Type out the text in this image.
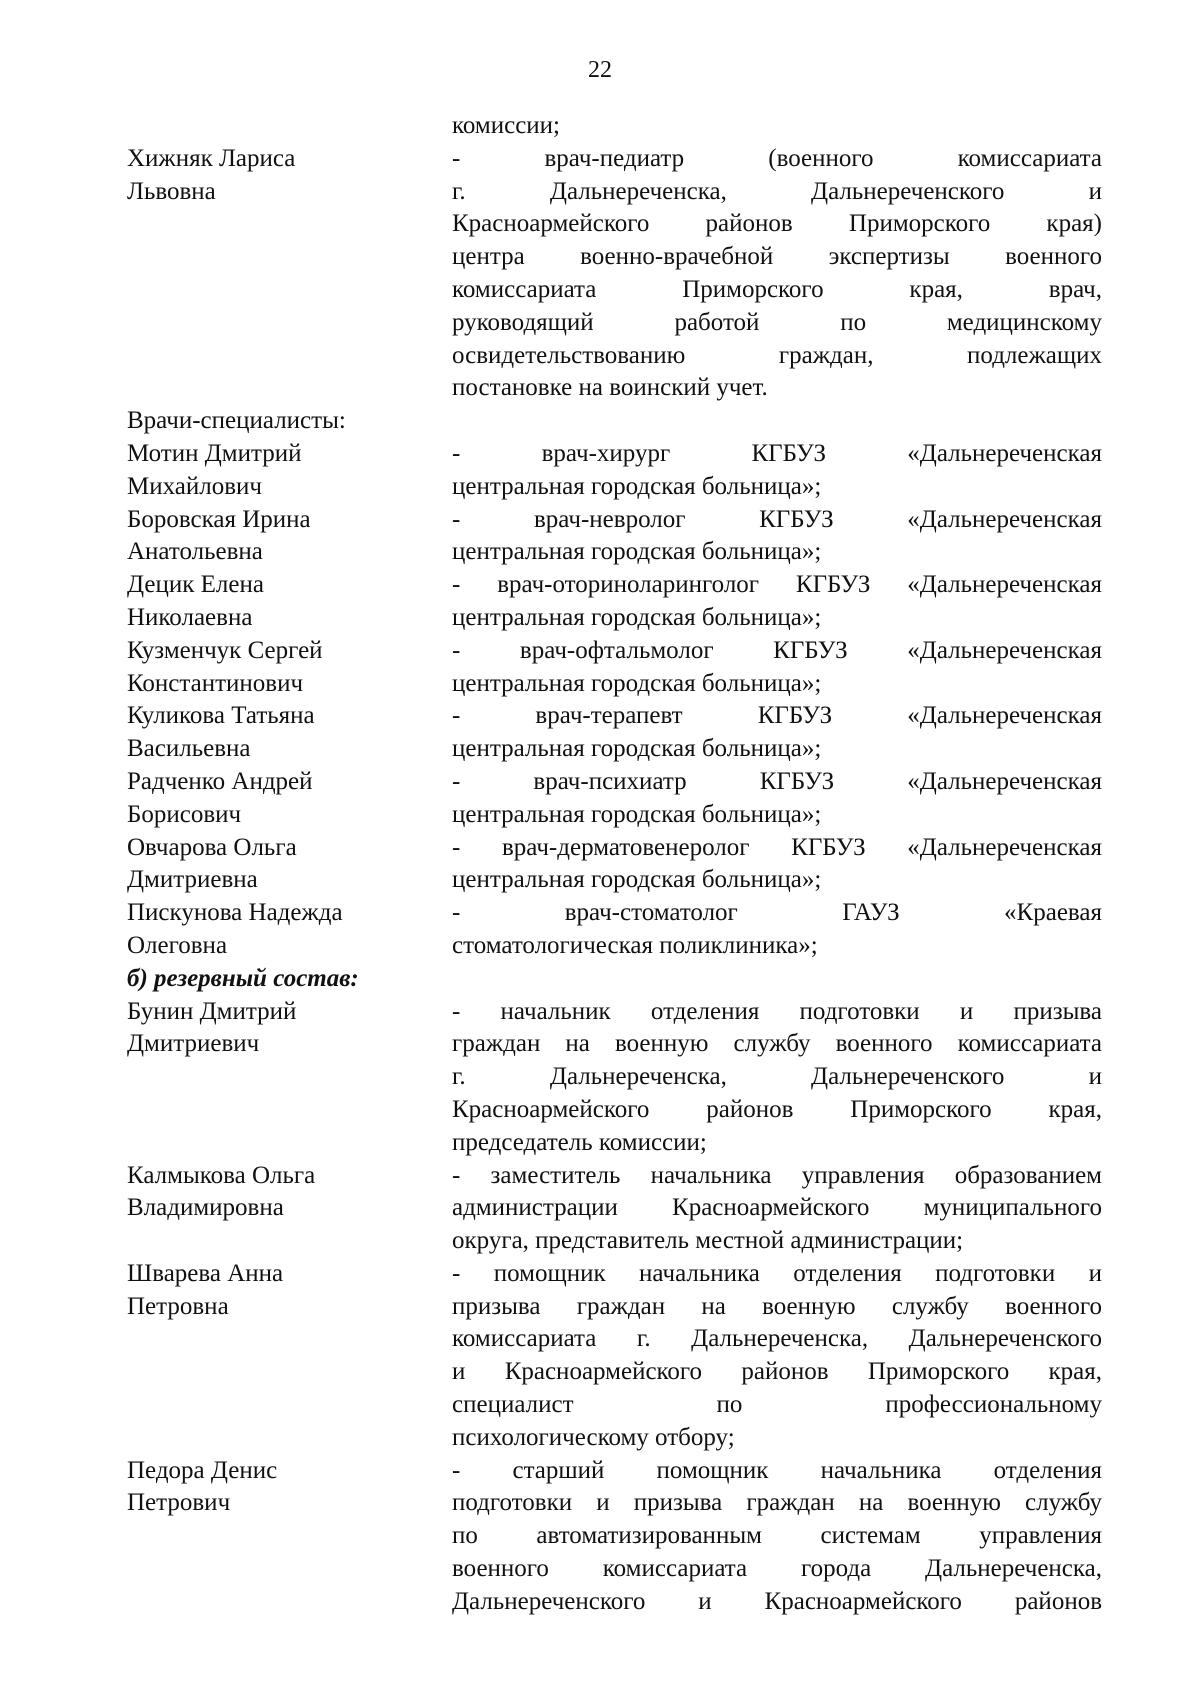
22
комиссии;
Хижняк Лариса
Львовна
- врач-педиатр (военного комиссариата
г. Дальнереченска, Дальнереченского и
Красноармейского районов Приморского края)
центра военно-врачебной экспертизы военного
комиссариата Приморского края, врач,
руководящий работой по медицинскому
освидетельствованию граждан, подлежащих
постановке на воинский учет.
Врачи-специалисты:
Мотин Дмитрий
Михайлович
- врач-хирург КГБУЗ «Дальнереченская
центральная городская больница»;
Боровская Ирина
Анатольевна
- врач-невролог КГБУЗ «Дальнереченская
центральная городская больница»;
Децик Елена
Николаевна
- врач-оториноларинголог КГБУЗ «Дальнереченская
центральная городская больница»;
Кузменчук Сергей
Константинович
- врач-офтальмолог КГБУЗ «Дальнереченская
центральная городская больница»;
Куликова Татьяна
Васильевна
- врач-терапевт КГБУЗ «Дальнереченская
центральная городская больница»;
Радченко Андрей
Борисович
- врач-психиатр КГБУЗ «Дальнереченская
центральная городская больница»;
Овчарова Ольга
Дмитриевна
- врач-дерматовенеролог КГБУЗ «Дальнереченская
центральная городская больница»;
Пискунова Надежда
Олеговна
- врач-стоматолог ГАУЗ «Краевая
стоматологическая поликлиника»;
б) резервный состав:
Бунин Дмитрий
Дмитриевич
- начальник отделения подготовки и призыва
граждан на военную службу военного комиссариата
г. Дальнереченска, Дальнереченского и
Красноармейского районов Приморского края,
председатель комиссии;
Калмыкова Ольга
Владимировна
- заместитель начальника управления образованием
администрации Красноармейского муниципального
округа, представитель местной администрации;
Шварева Анна
Петровна
- помощник начальника отделения подготовки и
призыва граждан на военную службу военного
комиссариата г. Дальнереченска, Дальнереченского
и Красноармейского районов Приморского края,
специалист по профессиональному
психологическому отбору;
Педора Денис
Петрович
- старший помощник начальника отделения
подготовки и призыва граждан на военную службу
по автоматизированным системам управления
военного комиссариата города Дальнереченска,
Дальнереченского и Красноармейского районов
